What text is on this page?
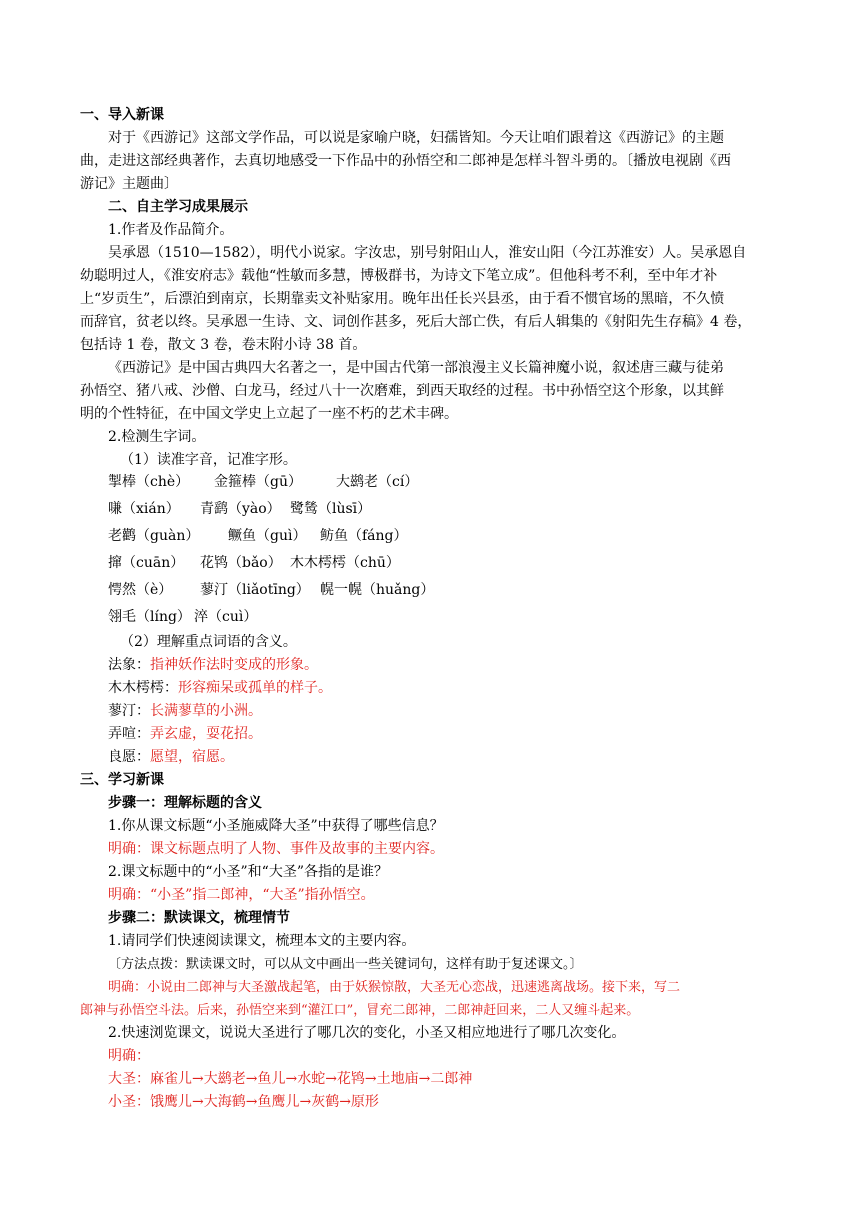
一、导入新课
对于《西游记》这部文学作品，可以说是家喻户晓，妇孺皆知。今天让咱们跟着这《西游记》的主题
曲，走进这部经典著作，去真切地感受一下作品中的孙悟空和二郎神是怎样斗智斗勇的。〔播放电视剧《西
游记》主题曲〕
二、自主学习成果展示
1.作者及作品简介。
吴承恩（1510—1582），明代小说家。字汝忠，别号射阳山人，淮安山阳（今江苏淮安）人。吴承恩自
幼聪明过人，《淮安府志》载他“性敏而多慧，博极群书，为诗文下笔立成”。但他科考不利，至中年才补
上“岁贡生”，后漂泊到南京，长期靠卖文补贴家用。晚年出任长兴县丞，由于看不惯官场的黑暗，不久愤
而辞官，贫老以终。吴承恩一生诗、文、词创作甚多，死后大部亡佚，有后人辑集的《射阳先生存稿》4 卷，
包括诗 1 卷，散文 3 卷，卷末附小诗 38 首。
《西游记》是中国古典四大名著之一，是中国古代第一部浪漫主义长篇神魔小说，叙述唐三藏与徒弟
孙悟空、猪八戒、沙僧、白龙马，经过八十一次磨难，到西天取经的过程。书中孙悟空这个形象，以其鲜
明的个性特征，在中国文学史上立起了一座不朽的艺术丰碑。
2.检测生字词。
（1）读准字音，记准字形。
掣棒（chè） 金箍棒（gū） 大鹚老（cí）
嗛（xián） 青鹞（yào） 鹭鸶（lùsī）
老鹳（guàn） 鳜鱼（guì） 鲂鱼（fáng）
撺（cuān） 花鸨（bǎo） 木木樗樗（chū）
愕然（è） 蓼汀（liǎotīng） 幌一幌（huǎng）
翎毛（líng） 淬（cuì）
（2）理解重点词语的含义。
法象：指神妖作法时变成的形象。
木木樗樗：形容痴呆或孤单的样子。
蓼汀：长满蓼草的小洲。
弄喧：弄玄虚，耍花招。
良愿：愿望，宿愿。
三、学习新课
步骤一：理解标题的含义
1.你从课文标题“小圣施威降大圣”中获得了哪些信息？
明确：课文标题点明了人物、事件及故事的主要内容。
2.课文标题中的“小圣”和“大圣”各指的是谁？
明确：“小圣”指二郎神，“大圣”指孙悟空。
步骤二：默读课文，梳理情节
1.请同学们快速阅读课文，梳理本文的主要内容。
〔方法点拨：默读课文时，可以从文中画出一些关键词句，这样有助于复述课文。〕
明确：小说由二郎神与大圣激战起笔，由于妖猴惊散，大圣无心恋战，迅速逃离战场。接下来，写二
郎神与孙悟空斗法。后来，孙悟空来到“灌江口”，冒充二郎神，二郎神赶回来，二人又缠斗起来。
2.快速浏览课文，说说大圣进行了哪几次的变化，小圣又相应地进行了哪几次变化。
明确：
大圣：麻雀儿→大鹚老→鱼儿→水蛇→花鸨→土地庙→二郎神
小圣：饿鹰儿→大海鹤→鱼鹰儿→灰鹤→原形
